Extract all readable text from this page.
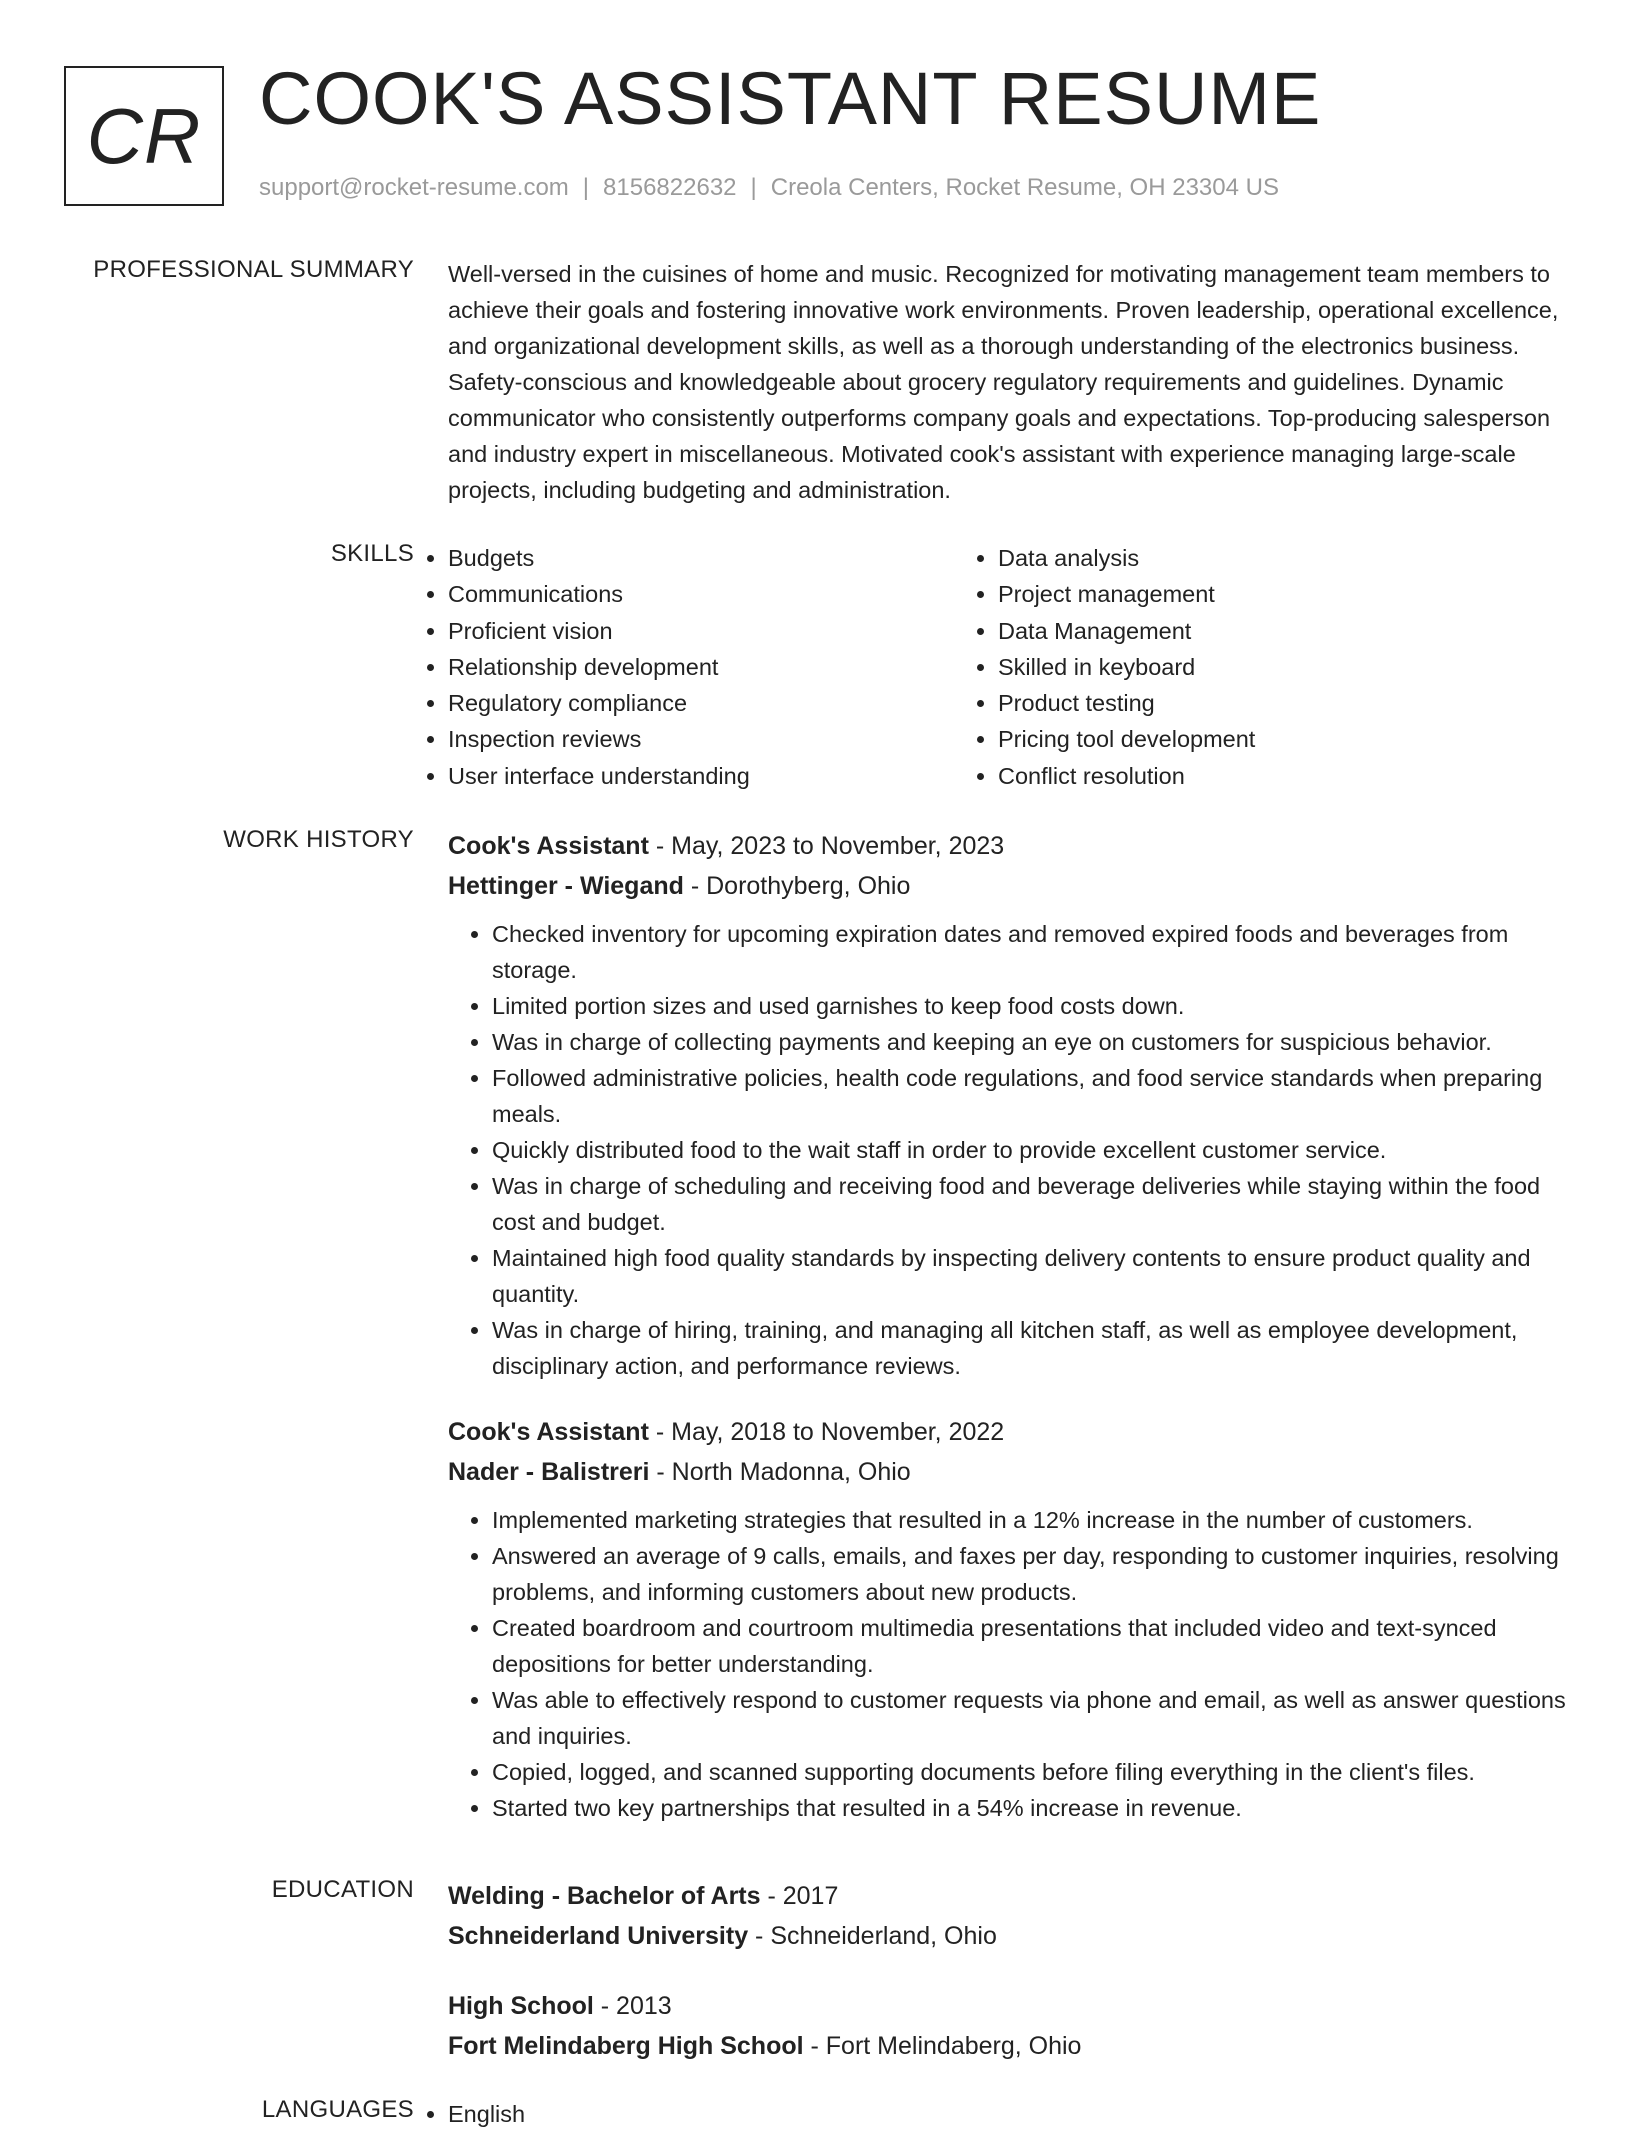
CR COOK'S ASSISTANT RESUME
support@rocket-resume.com | 8156822632 | Creola Centers, Rocket Resume, OH 23304 US
PROFESSIONAL SUMMARY Well-versed in the cuisines of home and music. Recognized for motivating management team members to achieve their goals and fostering innovative work environments. Proven leadership, operational excellence, and organizational development skills, as well as a thorough understanding of the electronics business. Safety-conscious and knowledgeable about grocery regulatory requirements and guidelines. Dynamic communicator who consistently outperforms company goals and expectations. Top-producing salesperson and industry expert in miscellaneous. Motivated cook's assistant with experience managing large-scale projects, including budgeting and administration.

SKILLS • Budgets
• Communications
• Proficient vision
• Relationship development
• Regulatory compliance
• Inspection reviews
• User interface understanding
• Data analysis
• Project management
• Data Management
• Skilled in keyboard
• Product testing
• Pricing tool development
• Conflict resolution
WORK HISTORY Cook's Assistant - May, 2023 to November, 2023
Hettinger - Wiegand - Dorothyberg, Ohio
• Checked inventory for upcoming expiration dates and removed expired foods and beverages from storage.
• Limited portion sizes and used garnishes to keep food costs down.
• Was in charge of collecting payments and keeping an eye on customers for suspicious behavior.
• Followed administrative policies, health code regulations, and food service standards when preparing meals.
• Quickly distributed food to the wait staff in order to provide excellent customer service.
• Was in charge of scheduling and receiving food and beverage deliveries while staying within the food cost and budget.
• Maintained high food quality standards by inspecting delivery contents to ensure product quality and quantity.
• Was in charge of hiring, training, and managing all kitchen staff, as well as employee development, disciplinary action, and performance reviews.
Cook's Assistant - May, 2018 to November, 2022
Nader - Balistreri - North Madonna, Ohio
• Implemented marketing strategies that resulted in a 12% increase in the number of customers.
• Answered an average of 9 calls, emails, and faxes per day, responding to customer inquiries, resolving problems, and informing customers about new products.
• Created boardroom and courtroom multimedia presentations that included video and text-synced depositions for better understanding.
• Was able to effectively respond to customer requests via phone and email, as well as answer questions and inquiries.
• Copied, logged, and scanned supporting documents before filing everything in the client's files.
• Started two key partnerships that resulted in a 54% increase in revenue.
EDUCATION Welding - Bachelor of Arts - 2017
Schneiderland University - Schneiderland, Ohio
High School - 2013
Fort Melindaberg High School - Fort Melindaberg, Ohio
LANGUAGES • English
